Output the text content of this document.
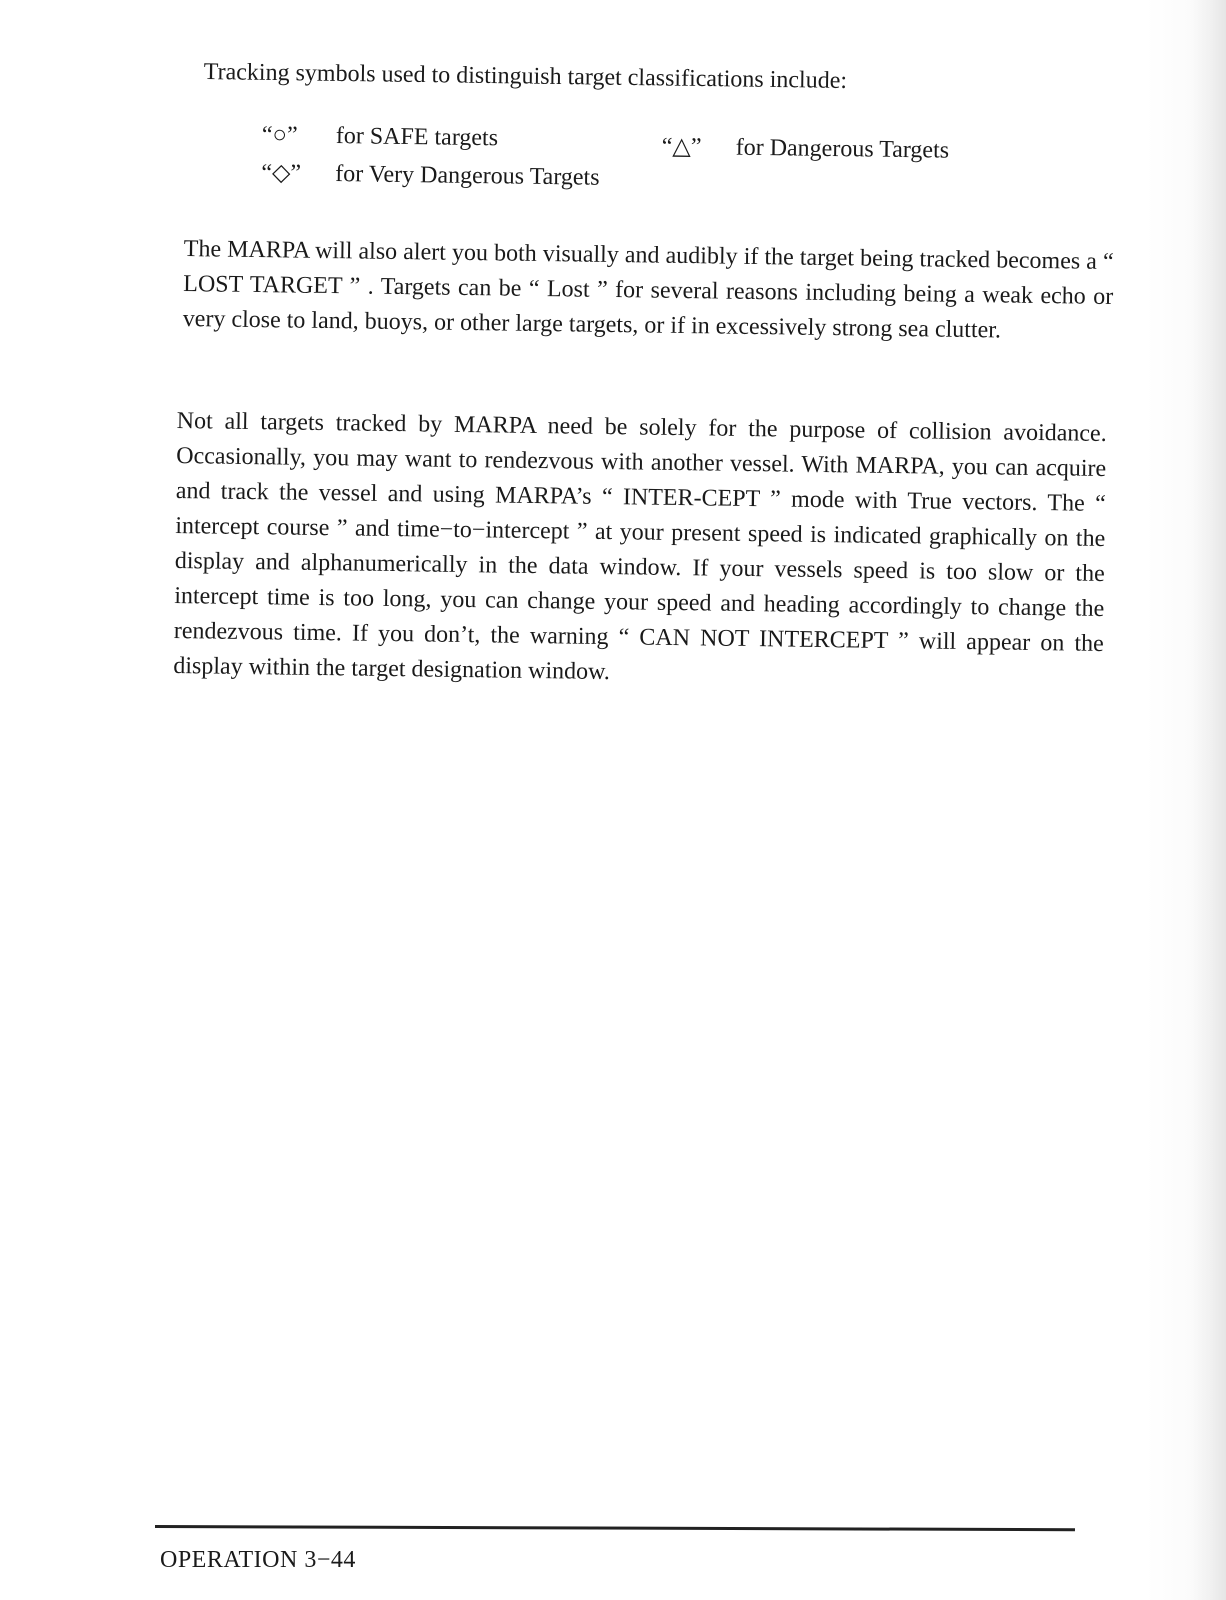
Tracking symbols used to distinguish target classifications include:

“○” for SAFE targets	“△” for Dangerous Targets
“◇” for Very Dangerous Targets

The MARPA will also alert you both visually and audibly if the target being tracked becomes a “ LOST TARGET ” . Targets can be “ Lost ” for several reasons including being a weak echo or very close to land, buoys, or other large targets, or if in excessively strong sea clutter.

Not all targets tracked by MARPA need be solely for the purpose of collision avoidance. Occasionally, you may want to rendezvous with another vessel. With MARPA, you can acquire and track the vessel and using MARPA’s “ INTER-CEPT ” mode with True vectors. The “ intercept course ” and time−to−intercept ” at your present speed is indicated graphically on the display and alphanumerically in the data window. If your vessels speed is too slow or the intercept time is too long, you can change your speed and heading accordingly to change the rendezvous time. If you don’t, the warning “ CAN NOT INTERCEPT ” will appear on the display within the target designation window.

OPERATION 3−44
